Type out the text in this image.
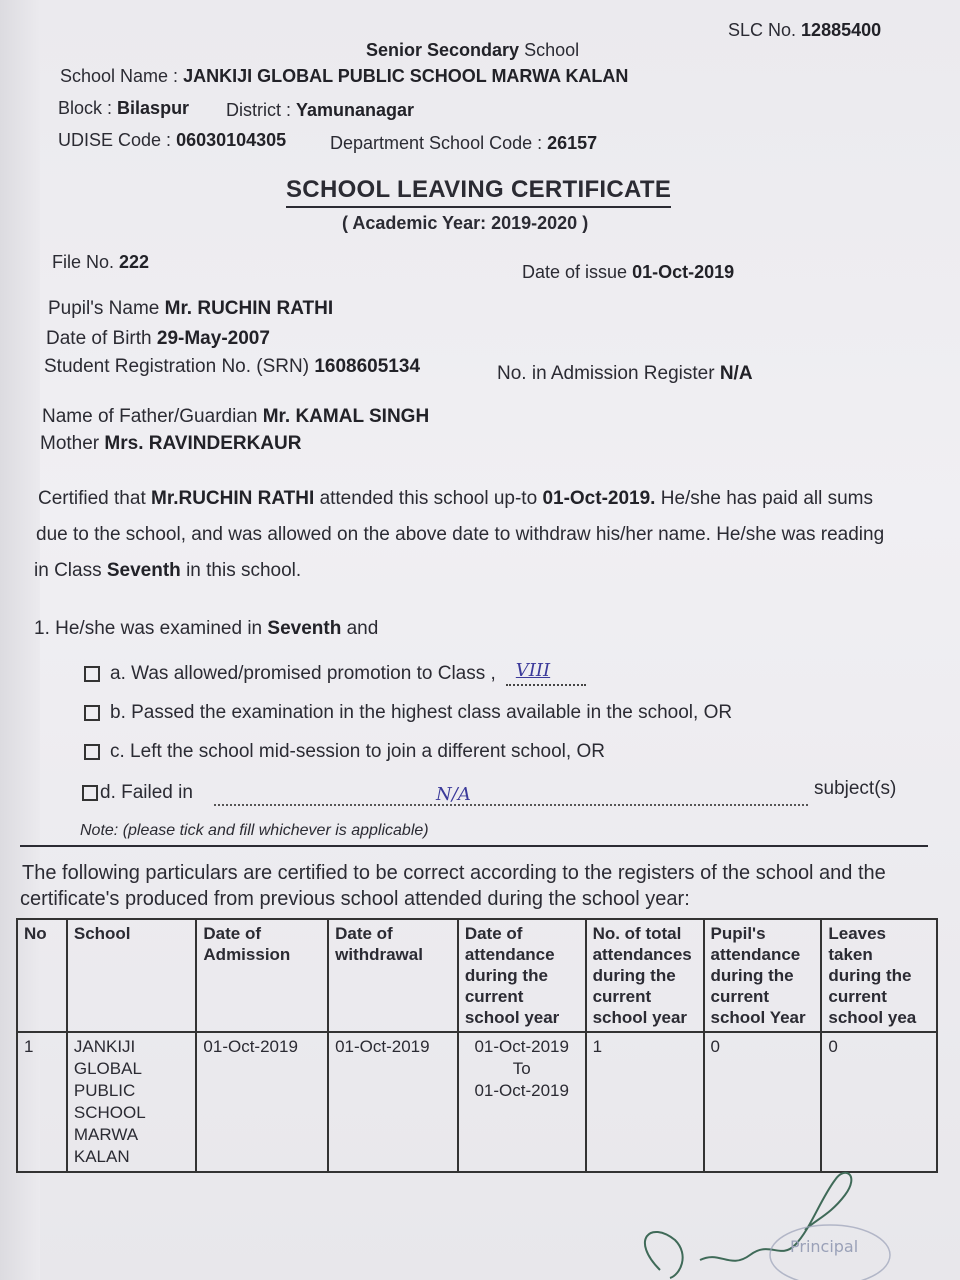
SLC No. 12885400
Senior Secondary School
School Name : JANKIJI GLOBAL PUBLIC SCHOOL MARWA KALAN
Block : Bilaspur District : Yamunanagar
UDISE Code : 06030104305 Department School Code : 26157
SCHOOL LEAVING CERTIFICATE
( Academic Year: 2019-2020 )
File No. 222	Date of issue 01-Oct-2019
Pupil's Name Mr. RUCHIN RATHI
Date of Birth 29-May-2007
Student Registration No. (SRN) 1608605134	No. in Admission Register N/A
Name of Father/Guardian Mr. KAMAL SINGH
Mother Mrs. RAVINDERKAUR
Certified that Mr.RUCHIN RATHI attended this school up-to 01-Oct-2019. He/she has paid all sums
due to the school, and was allowed on the above date to withdraw his/her name. He/she was reading
in Class Seventh in this school.
1. He/she was examined in Seventh and
a. Was allowed/promised promotion to Class , VIII
b. Passed the examination in the highest class available in the school, OR
c. Left the school mid-session to join a different school, OR
d. Failed in	N/A	subject(s)
Note: (please tick and fill whichever is applicable)
The following particulars are certified to be correct according to the registers of the school and the
certificate's produced from previous school attended during the school year:
No	School	Date of Admission	Date of withdrawal	Date of attendance during the current school year	No. of total attendances during the current school year	Pupil's attendance during the current school Year	Leaves taken during the current school yea
1	JANKIJI GLOBAL PUBLIC SCHOOL MARWA KALAN	01-Oct-2019	01-Oct-2019	01-Oct-2019
To
01-Oct-2019	1	0	0
Principal
